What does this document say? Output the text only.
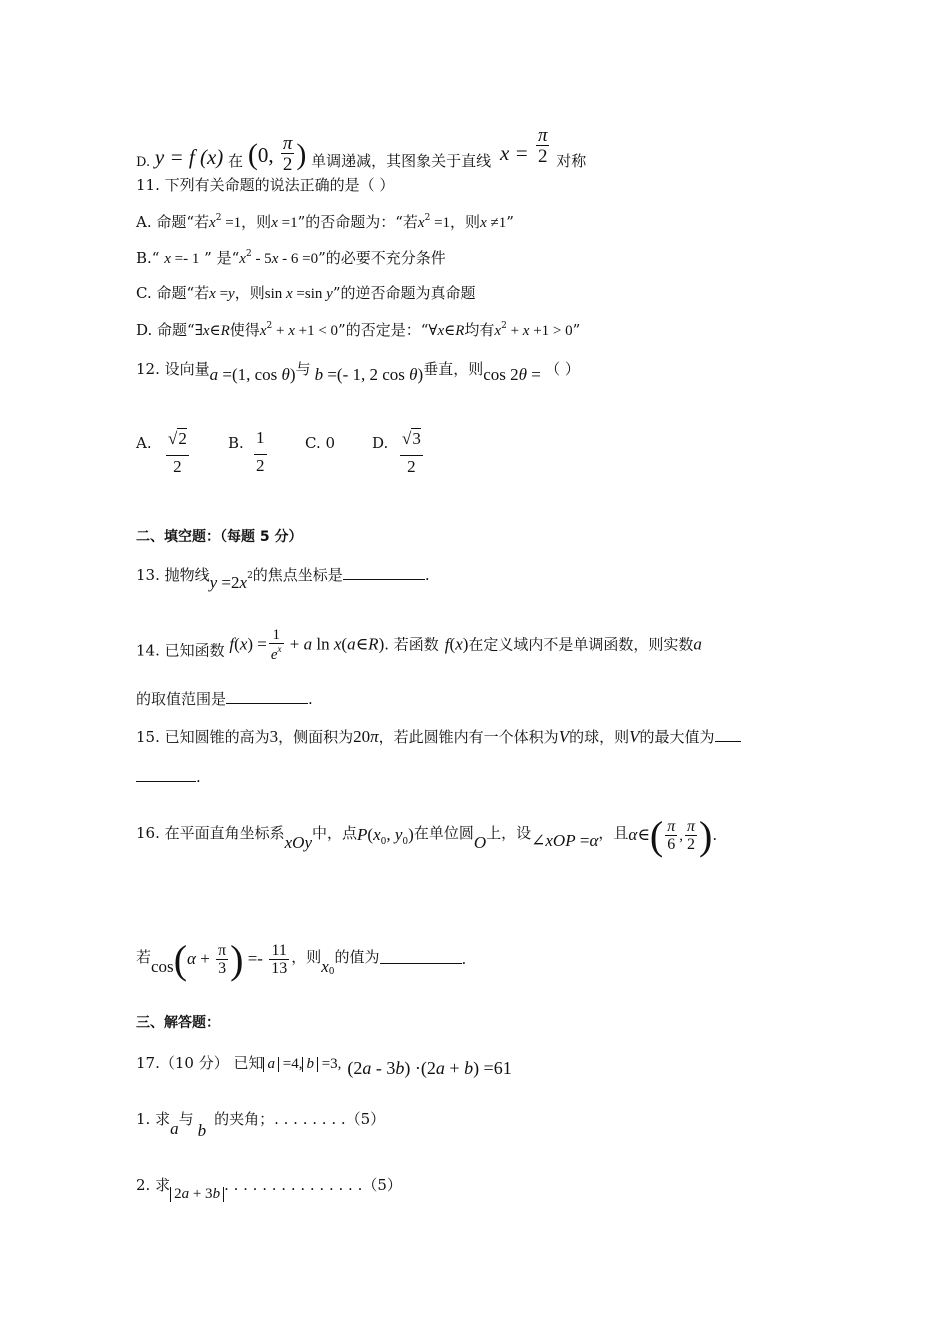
D. y = f (x) 在 (0, $\frac{\pi}{2}$ ) 单调递减，其图象关于直线 $x = \frac{\pi}{2}$ 对称
11. 下列有关命题的说法正确的是（ ）
A. 命题“若$x^2 =1$，则x =1”的否命题为：“若$x^2 =1$，则x ≠1”
B.“ x =- 1 ” 是“$x^2 - 5x - 6 =0$”的必要不充分条件
C. 命题“若x =y，则sin x =sin y”的逆否命题为真命题
D. 命题“∃x∈R使得$x^2 + x +1 < 0$”的否定是：“∀x∈R均有$x^2 + x +1 > 0$”
12. 设向量a =(1, cos θ)与 b =(- 1, 2 cos θ)垂直，则cos 2θ = （ ）
A. $\frac{√2}{2}$	B. $\frac{1}{2}$	C. 0 D. $\frac{√3}{2}$
二、填空题：（每题 5 分）
13. 抛物线$y =2x^2$的焦点坐标是	.
14. 已知函数 $f(x) = \frac{1}{e^x} + a$ ln x(a∈R). 若函数 f(x)在定义域内不是单调函数，则实数a
的取值范围是	.
15. 已知圆锥的高为3，侧面积为20π，若此圆锥内有一个体积为V的球，则V的最大值为
.
16. 在平面直角坐标系xOy中，点$P(x_0$, $y_0$)在单位圆O上，设∠xOP =α，且α∈( $\frac{\pi}{6}$ , $\frac{\pi}{2}$ ).
若$\cos(\alpha + \frac{\pi}{3}$ ) =- $\frac{11}{13}$ ，则$x_0$的值为	.
三、解答题：
17.（10 分） 已知 a =4, b =3, (2a - 3b) ·(2a + b) =61
1. 求a与b的夹角；. . . . . . . .（5）
2. 求 2a + 3b . . . . . . . . . . . . . . .（5）
